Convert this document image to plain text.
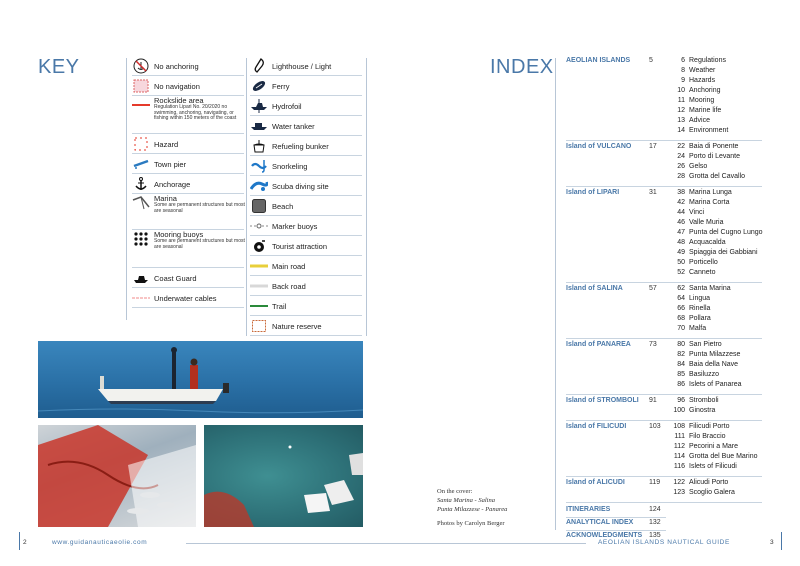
KEY	No anchoring
No navigation
Rockslide area
Regulation Lipari No. 20/2020 no swimming, anchoring, navigating, or fishing within 150 meters of the coast
Hazard
Town pier
Anchorage
Marina
Some are permanent structures but most are seasonal
Mooring buoys
Some are permanent structures but most are seasonal
Coast Guard
Underwater cables
Lighthouse / Light
Ferry
Hydrofoil
Water tanker
Refueling bunker
Snorkeling
Scuba diving site
Beach
Marker buoys
Tourist attraction
Main road
Back road
Trail
Nature reserve
On the cover:
Santa Marina - Salina
Punta Milazzese - Panarea
Photos by Carolyn Berger
INDEX AEOLIAN ISLANDS	5	6 Regulations
8 Weather
9 Hazards
10 Anchoring
11 Mooring
12 Marine life
13 Advice
14 Environment
Island of VULCANO	17	22 Baia di Ponente
24 Porto di Levante
26 Gelso
28 Grotta del Cavallo
Island of LIPARI	31	38 Marina Lunga
42 Marina Corta
44 Vinci
46 Valle Muria
47 Punta del Cugno Lungo
48 Acquacalda
49 Spiaggia dei Gabbiani
50 Porticello
52 Canneto
Island of SALINA	57	62 Santa Marina
64 Lingua
66 Rinella
68 Pollara
70 Malfa
Island of PANAREA	73	80 San Pietro
82 Punta Milazzese
84 Baia della Nave
85 Basiluzzo
86 Islets of Panarea
Island of STROMBOLI 91	96 Stromboli
100 Ginostra
Island of FILICUDI	103	108 Filicudi Porto
111 Filo Braccio
112 Pecorini a Mare
114 Grotta del Bue Marino
116 Islets of Filicudi
Island of ALICUDI	119	122 Alicudi Porto
123 Scoglio Galera
ITINERARIES	124
ANALYTICAL INDEX 132
ACKNOWLEDGMENTS 135
2	www.guidanauticaeolie.com	AEOLIAN ISLANDS NAUTICAL GUIDE	3
